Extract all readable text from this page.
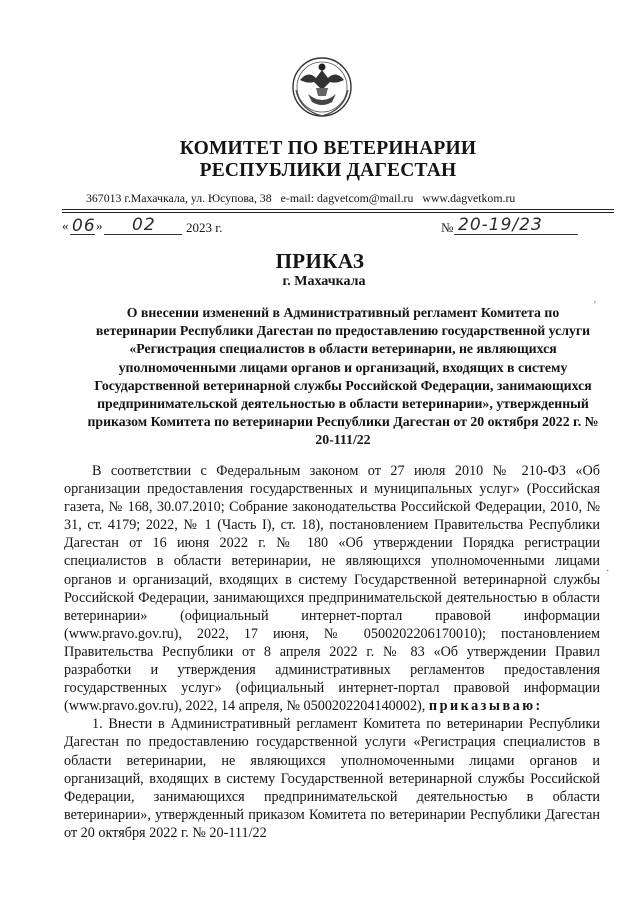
КОМИТЕТ ПО ВЕТЕРИНАРИИ
РЕСПУБЛИКИ ДАГЕСТАН
367013 г.Махачкала, ул. Юсупова, 38 e-mail: dagvetcom@mail.ru www.dagvetkom.ru
« 06 » 02 2023 г.	№ 20-19/23
ПРИКАЗ
г. Махачкала
О внесении изменений в Административный регламент Комитета по ветеринарии Республики Дагестан по предоставлению государственной услуги «Регистрация специалистов в области ветеринарии, не являющихся уполномоченными лицами органов и организаций, входящих в систему Государственной ветеринарной службы Российской Федерации, занимающихся предпринимательской деятельностью в области ветеринарии», утвержденный приказом Комитета по ветеринарии Республики Дагестан от 20 октября 2022 г. № 20-111/22

В соответствии с Федеральным законом от 27 июля 2010 № 210-ФЗ «Об организации предоставления государственных и муниципальных услуг» (Российская газета, № 168, 30.07.2010; Собрание законодательства Российской Федерации, 2010, № 31, ст. 4179; 2022, № 1 (Часть I), ст. 18), постановлением Правительства Республики Дагестан от 16 июня 2022 г. № 180 «Об утверждении Порядка регистрации специалистов в области ветеринарии, не являющихся уполномоченными лицами органов и организаций, входящих в систему Государственной ветеринарной службы Российской Федерации, занимающихся предпринимательской деятельностью в области ветеринарии» (официальный интернет-портал правовой информации (www.pravo.gov.ru), 2022, 17 июня, № 0500202206170010); постановлением Правительства Республики от 8 апреля 2022 г. № 83 «Об утверждении Правил разработки и утверждения административных регламентов предоставления государственных услуг» (официальный интернет-портал правовой информации (www.pravo.gov.ru), 2022, 14 апреля, № 0500202204140002), приказываю:

1. Внести в Административный регламент Комитета по ветеринарии Республики Дагестан по предоставлению государственной услуги «Регистрация специалистов в области ветеринарии, не являющихся уполномоченными лицами органов и организаций, входящих в систему Государственной ветеринарной службы Российской Федерации, занимающихся предпринимательской деятельностью в области ветеринарии», утвержденный приказом Комитета по ветеринарии Республики Дагестан от 20 октября 2022 г. № 20-111/22

·
′
